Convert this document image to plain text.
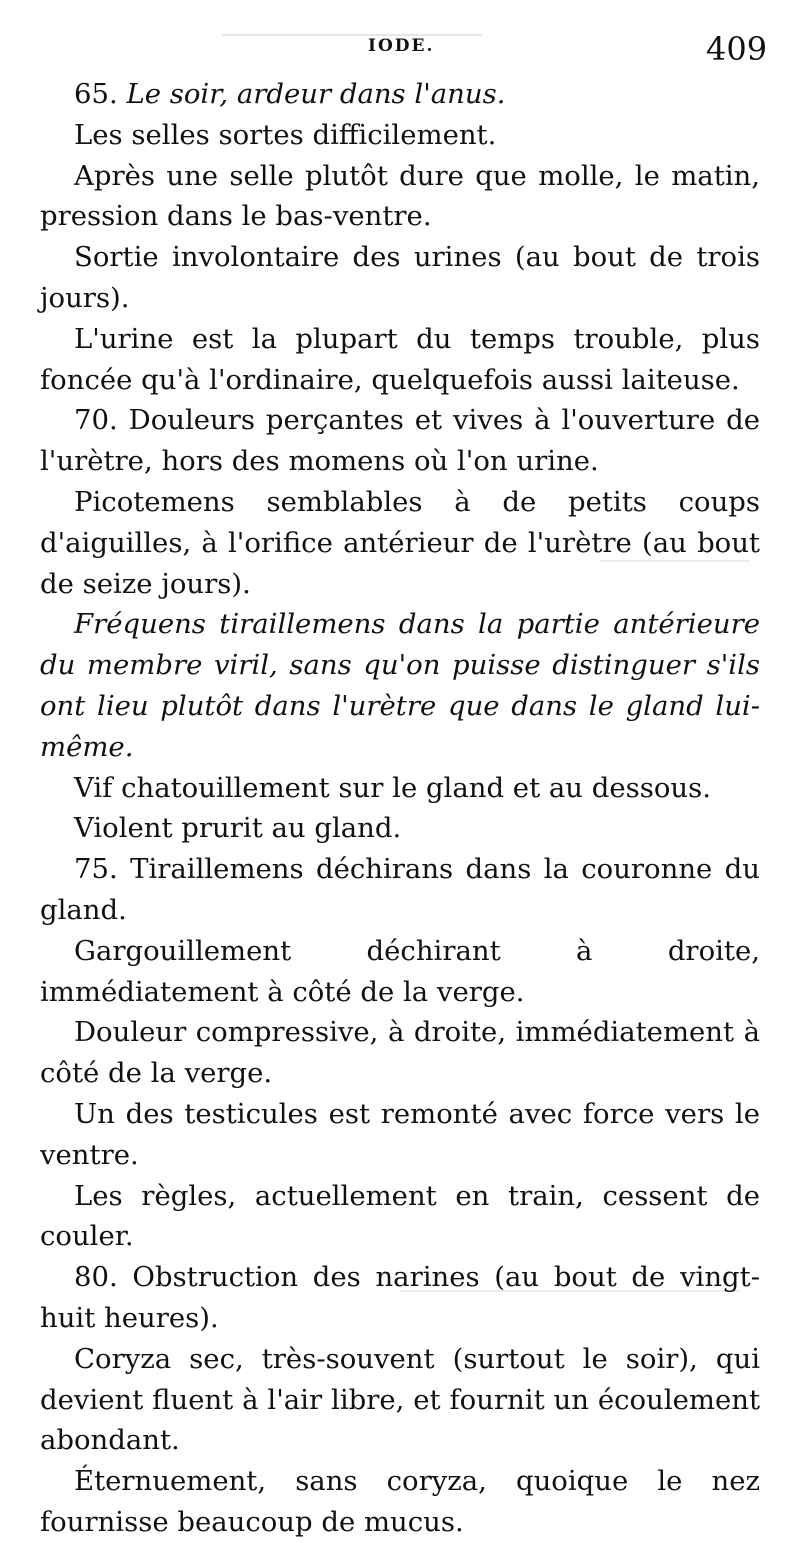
IODE.	409

65. Le soir, ardeur dans l'anus.

Les selles sortes difficilement.

Après une selle plutôt dure que molle, le matin, pression dans le bas-ventre.

Sortie involontaire des urines (au bout de trois jours).

L'urine est la plupart du temps trouble, plus foncée qu'à l'ordinaire, quelquefois aussi laiteuse.

70. Douleurs perçantes et vives à l'ouverture de l'urètre, hors des momens où l'on urine.

Picotemens semblables à de petits coups d'aiguilles, à l'orifice antérieur de l'urètre (au bout de seize jours).

Fréquens tiraillemens dans la partie antérieure du membre viril, sans qu'on puisse distinguer s'ils ont lieu plutôt dans l'urètre que dans le gland lui-même.

Vif chatouillement sur le gland et au dessous.

Violent prurit au gland.

75. Tiraillemens déchirans dans la couronne du gland.

Gargouillement déchirant à droite, immédiatement à côté de la verge.

Douleur compressive, à droite, immédiatement à côté de la verge.

Un des testicules est remonté avec force vers le ventre.

Les règles, actuellement en train, cessent de couler.

80. Obstruction des narines (au bout de vingt-huit heures).

Coryza sec, très-souvent (surtout le soir), qui devient fluent à l'air libre, et fournit un écoulement abondant.

Éternuement, sans coryza, quoique le nez fournisse beaucoup de mucus.
